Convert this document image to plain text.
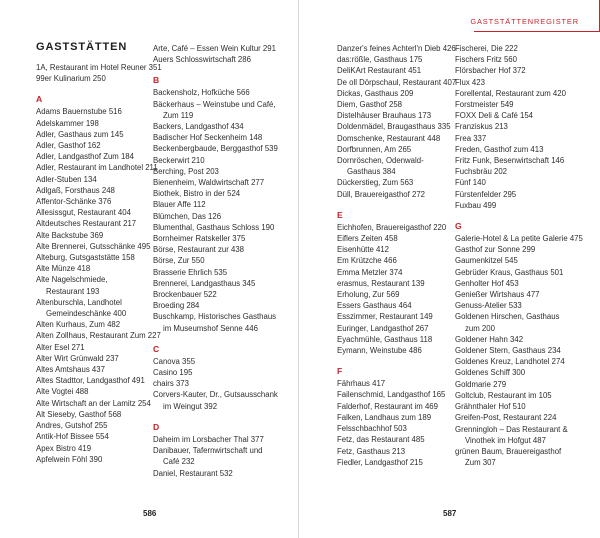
GASTSTÄTTEN
1A, Restaurant im Hotel Reuner 351
99er Kulinarium 250
A
Adams Bauernstube 516
Adelskammer 198
Adler, Gasthaus zum 145
Adler, Gasthof 162
Adler, Landgasthof Zum 184
Adler, Restaurant im Landhotel 211
Adler-Stuben 134
Adlgaß, Forsthaus 248
Affentor-Schänke 376
Allesissgut, Restaurant 404
Altdeutsches Restaurant 217
Alte Backstube 369
Alte Brennerei, Gutsschänke 495
Alteburg, Gutsgaststätte 158
Alte Münze 418
Alte Nagelschmiede,
Restaurant 193
Altenburschla, Landhotel
Gemeindeschänke 400
Alten Kurhaus, Zum 482
Alten Zollhaus, Restaurant Zum 227
Alter Esel 271
Alter Wirt Grünwald 237
Altes Amtshaus 437
Altes Stadttor, Landgasthof 491
Alte Vogtei 488
Alte Wirtschaft an der Lamitz 254
Alt Sieseby, Gasthof 568
Andres, Gutshof 255
Antik-Hof Bissee 554
Apex Bistro 419
Apfelwein Föhl 390
Arte, Café – Essen Wein Kultur 291
Auers Schlosswirtschaft 286
B
Backensholz, Hofküche 566
Bäckerhaus – Weinstube und Café,
Zum 119
Backers, Landgasthof 434
Badischer Hof Seckenheim 148
Beckenbergbaude, Berggasthof 539
Beckerwirt 210
Berching, Post 203
Bienenheim, Waldwirtschaft 277
Biothek, Bistro in der 524
Blauer Affe 112
Blümchen, Das 126
Blumenthal, Gasthaus Schloss 190
Bornheimer Ratskeller 375
Börse, Restaurant zur 438
Börse, Zur 550
Brasserie Ehrlich 535
Brennerei, Landgasthaus 345
Brockenbauer 522
Broeding 284
Buschkamp, Historisches Gasthaus
im Museumshof Senne 446
C
Canova 355
Casino 195
chairs 373
Corvers-Kauter, Dr., Gutsausschank
im Weingut 392
D
Daheim im Lorsbacher Thal 377
Danibauer, Tafernwirtschaft und
Café 232
Daniel, Restaurant 532
586
GASTSTÄTTENREGISTER
Danzer's feines Achterl'n Dieb 426
das:rößle, Gasthaus 175
DeliKArt Restaurant 451
De oll Dörpschaul, Restaurant 407
Dickas, Gasthaus 209
Diem, Gasthof 258
Distelhäuser Brauhaus 173
Doldenmädel, Braugasthaus 335
Domschenke, Restaurant 448
Dorfbrunnen, Am 265
Dornröschen, Odenwald-
Gasthaus 384
Dückerstieg, Zum 563
Düll, Brauereigasthof 272
E
Eichhofen, Brauereigasthof 220
Eiflers Zeiten 458
Eisenhütte 412
Em Krützche 466
Emma Metzler 374
erasmus, Restaurant 139
Erholung, Zur 569
Essers Gasthaus 464
Esszimmer, Restaurant 149
Euringer, Landgasthof 267
Eyachmühle, Gasthaus 118
Eymann, Weinstube 486
F
Fährhaus 417
Failenschmid, Landgasthof 165
Falderhof, Restaurant im 469
Falken, Landhaus zum 189
Felsschbachhof 503
Fetz, das Restaurant 485
Fetz, Gasthaus 213
Fiedler, Landgasthof 215
Fischerei, Die 222
Fischers Fritz 560
Flörsbacher Hof 372
Flux 423
Forellental, Restaurant zum 420
Forstmeister 549
FOXX Deli & Café 154
Franziskus 213
Frea 337
Freden, Gasthof zum 413
Fritz Funk, Besenwirtschaft 146
Fuchsbräu 202
Fünf 140
Fürstenfelder 295
Fuxbau 499
G
Galerie-Hotel & La petite Galerie 475
Gasthof zur Sonne 299
Gaumenkitzel 545
Gebrüder Kraus, Gasthaus 501
Genholter Hof 453
Genießer Wirtshaus 477
Genuss-Atelier 533
Goldenen Hirschen, Gasthaus
zum 200
Goldener Hahn 342
Goldener Stern, Gasthaus 234
Goldenes Kreuz, Landhotel 274
Goldenes Schiff 300
Goldmarie 279
Goltclub, Restaurant im 105
Grähnthaler Hof 510
Greifen-Post, Restaurant 224
Grenningloh – Das Restaurant &
Vinothek im Hofgut 487
grünen Baum, Brauereigasthof
Zum 307
587
